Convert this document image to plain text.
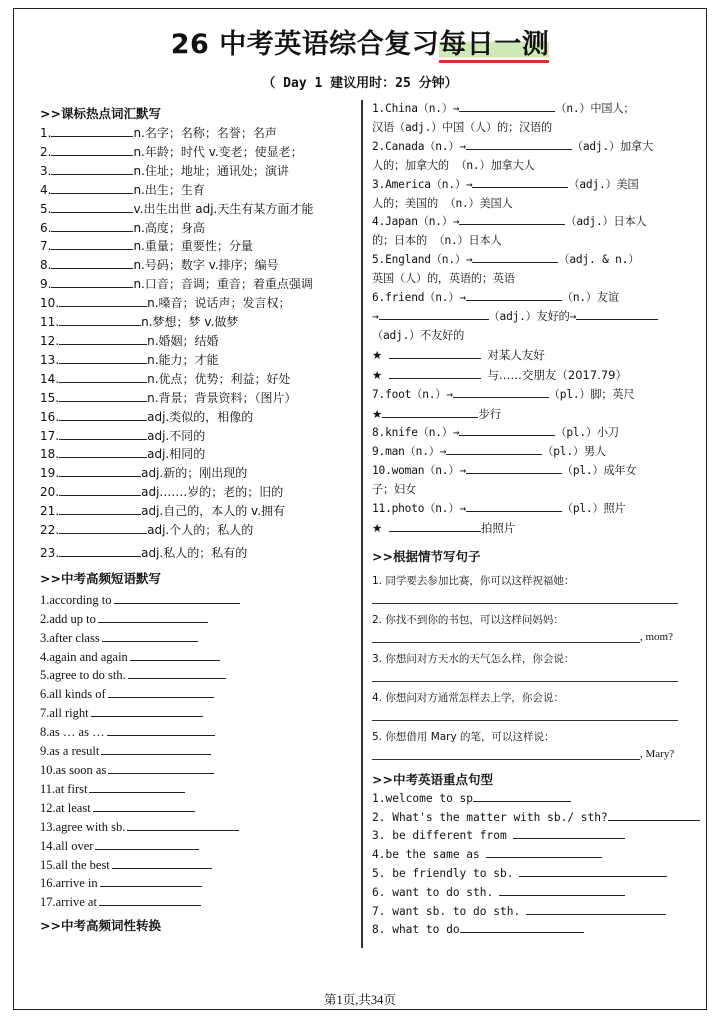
26 中考英语综合复习每日一测
（ Day 1 建议用时：25 分钟）
>>课标热点词汇默写
1.	n.名字；名称；名誉；名声
2.	n.年龄；时代 v.变老；使显老；
3.	n.住址；地址；通讯处；演讲
4.	n.出生；生育
5.	v.出生出世 adj.天生有某方面才能
6.	n.高度；身高
7.	n.重量；重要性；分量
8.	n.号码；数字 v.排序；编号
9.	n.口音；音调；重音；着重点强调
10.	n.嗓音；说话声；发言权；
11.	n.梦想；梦 v.做梦
12.	n.婚姻；结婚
13.	n.能力；才能
14.	n.优点；优势；利益；好处
15.	n.背景；背景资料；（图片）
16.	adj.类似的，相像的
17.	adj.不同的
18.	adj.相同的
19.	adj.新的；刚出现的
20.	adj.……岁的；老的；旧的
21.	adj.自己的，本人的 v.拥有
22.	adj.个人的；私人的
23.	adj.私人的；私有的
>>中考高频短语默写
1.according to
2.add up to
3.after class
4.again and again
5.agree to do sth.
6.all kinds of
7.all right
8.as … as …
9.as a result
10.as soon as
11.at first
12.at least
13.agree with sb.
14.all over
15.all the best
16.arrive in
17.arrive at
>>中考高频词性转换
1.China（n.）→	（n.）中国人；
汉语（adj.）中国（人）的；汉语的
2.Canada（n.）→	（adj.）加拿大
人的；加拿大的 （n.）加拿大人
3.America（n.）→	（adj.）美国
人的；美国的 （n.）美国人
4.Japan（n.）→	（adj.）日本人
的；日本的 （n.）日本人
5.England（n.）→	（adj. & n.）
英国（人）的，英语的；英语
6.friend（n.）→	（n.）友谊
→	（adj.）友好的→
（adj.）不友好的
★	对某人友好
★	与……交朋友（2017.79）
7.foot（n.）→	（pl.）脚；英尺
★	步行
8.knife（n.）→	（pl.）小刀
9.man（n.）→	（pl.）男人
10.woman（n.）→	（pl.）成年女
子；妇女
11.photo（n.）→	（pl.）照片
★	拍照片
>>根据情节写句子
1. 同学要去参加比赛，你可以这样祝福她：
2. 你找不到你的书包，可以这样问妈妈：
, mom?
3. 你想问对方天水的天气怎么样，你会说：
4. 你想问对方通常怎样去上学，你会说：
5. 你想借用 Mary 的笔，可以这样说：
, Mary?
>>中考英语重点句型
1.welcome to sp
2. What's the matter with sb./ sth?
3. be different from
4.be the same as
5. be friendly to sb.
6. want to do sth.
7. want sb. to do sth.
8. what to do
第1页,共34页
